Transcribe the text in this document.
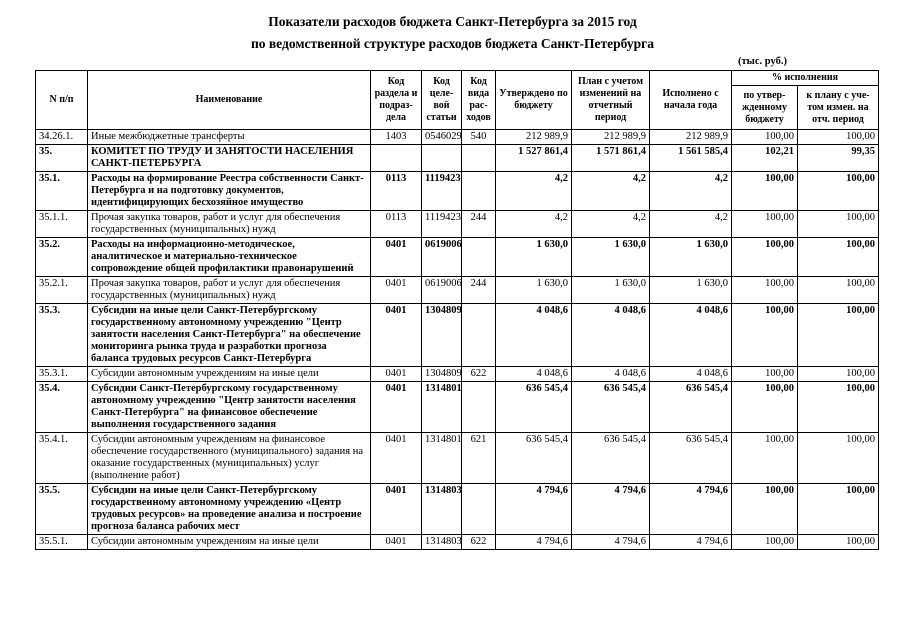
Показатели расходов бюджета Санкт-Петербурга за 2015 год
по ведомственной структуре расходов бюджета Санкт-Петербурга
(тыс. руб.)
N п/п	Наименование	Код раздела и подраз-дела	Код целе-вой статьи	Код вида рас-ходов	Утверждено по бюджету	План с учетом изменений на отчетный период	Исполнено с начала года	% исполнения	
								по утвер-жденному бюджету	к плану с уче-том измен. на отч. период
34.26.1.	Иные межбюджетные трансферты	1403	0546029	540	212 989,9	212 989,9	212 989,9	100,00	100,00
35.	КОМИТЕТ ПО ТРУДУ И ЗАНЯТОСТИ НАСЕЛЕНИЯ САНКТ-ПЕТЕРБУРГА				1 527 861,4	1 571 861,4	1 561 585,4	102,21	99,35
35.1.	Расходы на формирование Реестра собственности Санкт-Петербурга и на подготовку документов, идентифицирующих бесхозяйное имущество	0113	1119423		4,2	4,2	4,2	100,00	100,00
35.1.1.	Прочая закупка товаров, работ и услуг для обеспечения государственных (муниципальных) нужд	0113	1119423	244	4,2	4,2	4,2	100,00	100,00
35.2.	Расходы на информационно-методическое, аналитическое и материально-техническое сопровождение общей профилактики правонарушений	0401	0619006		1 630,0	1 630,0	1 630,0	100,00	100,00
35.2.1.	Прочая закупка товаров, работ и услуг для обеспечения государственных (муниципальных) нужд	0401	0619006	244	1 630,0	1 630,0	1 630,0	100,00	100,00
35.3.	Субсидии на иные цели Санкт-Петербургскому государственному автономному учреждению "Центр занятости населения Санкт-Петербурга" на обеспечение мониторинга рынка труда и разработки прогноза баланса трудовых ресурсов Санкт-Петербурга	0401	1304809		4 048,6	4 048,6	4 048,6	100,00	100,00
35.3.1.	Субсидии автономным учреждениям на иные цели	0401	1304809	622	4 048,6	4 048,6	4 048,6	100,00	100,00
35.4.	Субсидии Санкт-Петербургскому государственному автономному учреждению "Центр занятости населения Санкт-Петербурга" на финансовое обеспечение выполнения государственного задания	0401	1314801		636 545,4	636 545,4	636 545,4	100,00	100,00
35.4.1.	Субсидии автономным учреждениям на финансовое обеспечение государственного (муниципального) задания на оказание государственных (муниципальных) услуг (выполнение работ)	0401	1314801	621	636 545,4	636 545,4	636 545,4	100,00	100,00
35.5.	Субсидии на иные цели Санкт-Петербургскому государственному автономному учреждению «Центр трудовых ресурсов» на проведение анализа и построение прогноза баланса рабочих мест	0401	1314803		4 794,6	4 794,6	4 794,6	100,00	100,00
35.5.1.	Субсидии автономным учреждениям на иные цели	0401	1314803	622	4 794,6	4 794,6	4 794,6	100,00	100,00
